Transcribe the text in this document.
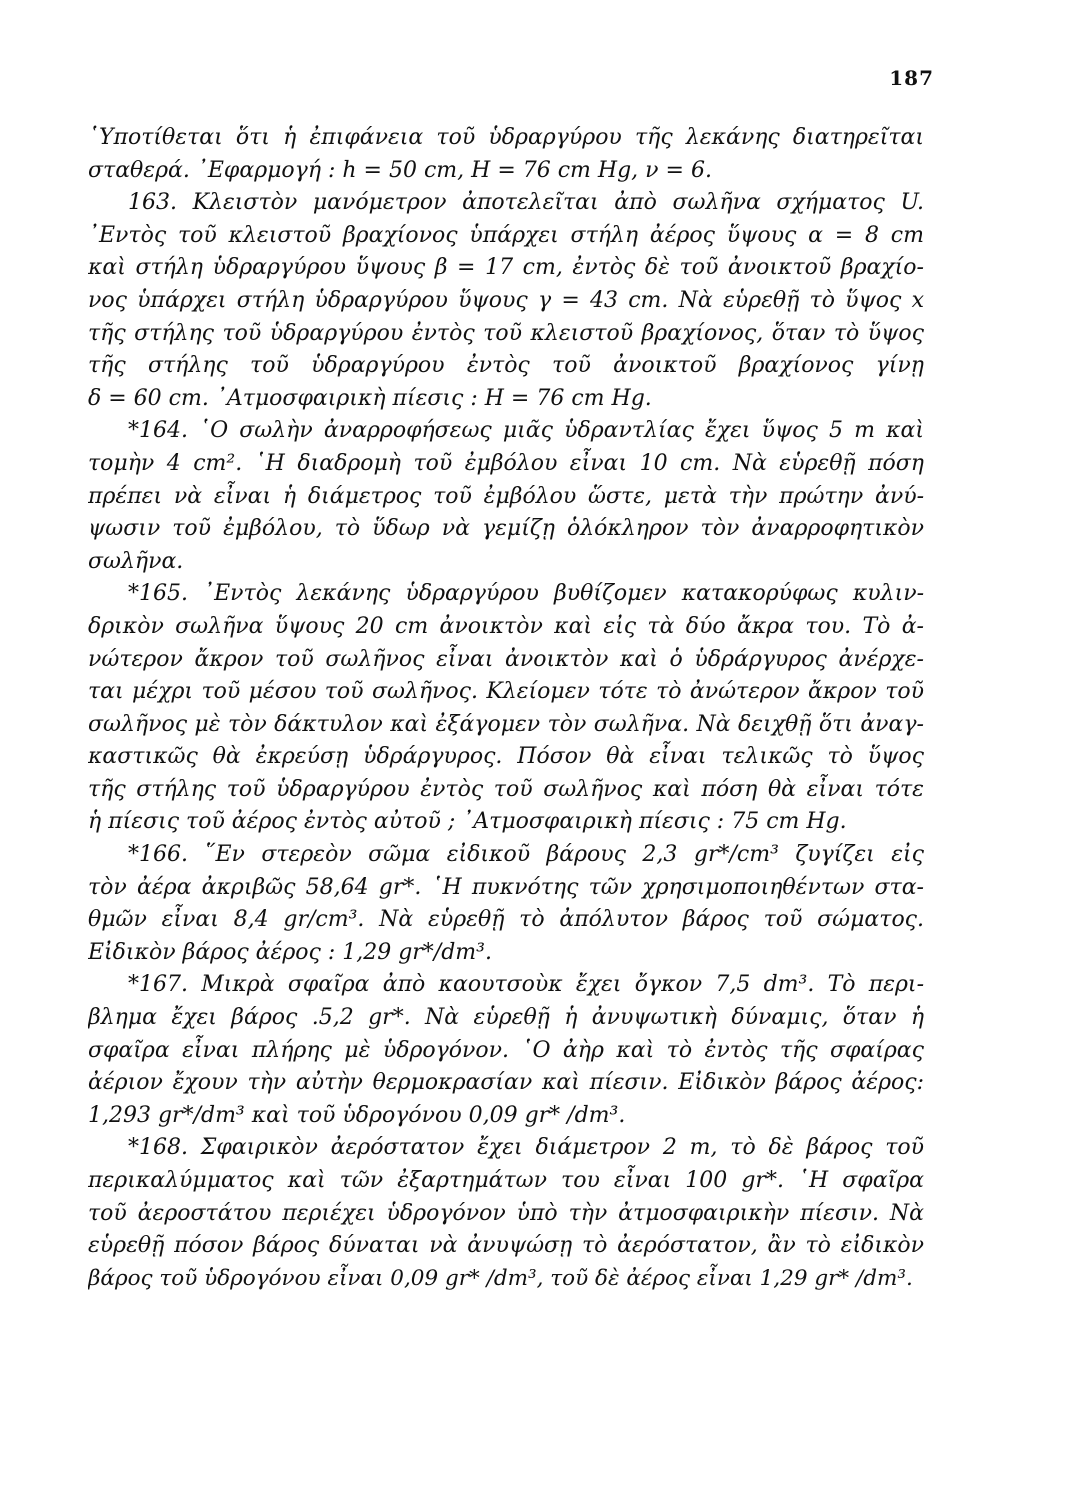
187
῾Υποτίθεται ὅτι ἡ ἐπιφάνεια τοῦ ὑδραργύρου τῆς λεκάνης διατηρεῖται
σταθερά. ᾿Εφαρμογή : h = 50 cm, H = 76 cm Hg, ν = 6.
163. Κλειστὸν μανόμετρον ἀποτελεῖται ἀπὸ σωλῆνα σχήματος U.
᾿Εντὸς τοῦ κλειστοῦ βραχίονος ὑπάρχει στήλη ἀέρος ὕψους α = 8 cm
καὶ στήλη ὑδραργύρου ὕψους β = 17 cm, ἐντὸς δὲ τοῦ ἀνοικτοῦ βραχίο-
νος ὑπάρχει στήλη ὑδραργύρου ὕψους γ = 43 cm. Νὰ εὑρεθῇ τὸ ὕψος x
τῆς στήλης τοῦ ὑδραργύρου ἐντὸς τοῦ κλειστοῦ βραχίονος, ὅταν τὸ ὕψος
τῆς στήλης τοῦ ὑδραργύρου ἐντὸς τοῦ ἀνοικτοῦ βραχίονος γίνῃ
δ = 60 cm. ᾿Ατμοσφαιρικὴ πίεσις : H = 76 cm Hg.
*164. ῾Ο σωλὴν ἀναρροφήσεως μιᾶς ὑδραντλίας ἔχει ὕψος 5 m καὶ
τομὴν 4 cm². ῾Η διαδρομὴ τοῦ ἐμβόλου εἶναι 10 cm. Νὰ εὑρεθῇ πόση
πρέπει νὰ εἶναι ἡ διάμετρος τοῦ ἐμβόλου ὥστε, μετὰ τὴν πρώτην ἀνύ-
ψωσιν τοῦ ἐμβόλου, τὸ ὕδωρ νὰ γεμίζῃ ὁλόκληρον τὸν ἀναρροφητικὸν
σωλῆνα.
*165. ᾿Εντὸς λεκάνης ὑδραργύρου βυθίζομεν κατακορύφως κυλιν-
δρικὸν σωλῆνα ὕψους 20 cm ἀνοικτὸν καὶ εἰς τὰ δύο ἄκρα του. Τὸ ἀ-
νώτερον ἄκρον τοῦ σωλῆνος εἶναι ἀνοικτὸν καὶ ὁ ὑδράργυρος ἀνέρχε-
ται μέχρι τοῦ μέσου τοῦ σωλῆνος. Κλείομεν τότε τὸ ἀνώτερον ἄκρον τοῦ
σωλῆνος μὲ τὸν δάκτυλον καὶ ἐξάγομεν τὸν σωλῆνα. Νὰ δειχθῇ ὅτι ἀναγ-
καστικῶς θὰ ἐκρεύσῃ ὑδράργυρος. Πόσον θὰ εἶναι τελικῶς τὸ ὕψος
τῆς στήλης τοῦ ὑδραργύρου ἐντὸς τοῦ σωλῆνος καὶ πόση θὰ εἶναι τότε
ἡ πίεσις τοῦ ἀέρος ἐντὸς αὐτοῦ ; ᾿Ατμοσφαιρικὴ πίεσις : 75 cm Hg.
*166. ῞Εν στερεὸν σῶμα εἰδικοῦ βάρους 2,3 gr*/cm³ ζυγίζει εἰς
τὸν ἀέρα ἀκριβῶς 58,64 gr*. ῾Η πυκνότης τῶν χρησιμοποιηθέντων στα-
θμῶν εἶναι 8,4 gr/cm³. Νὰ εὑρεθῇ τὸ ἀπόλυτον βάρος τοῦ σώματος.
Εἰδικὸν βάρος ἀέρος : 1,29 gr*/dm³.
*167. Μικρὰ σφαῖρα ἀπὸ καουτσοὺκ ἔχει ὄγκον 7,5 dm³. Τὸ περι-
βλημα ἔχει βάρος .5,2 gr*. Νὰ εὑρεθῇ ἡ ἀνυψωτικὴ δύναμις, ὅταν ἡ
σφαῖρα εἶναι πλήρης μὲ ὑδρογόνον. ῾Ο ἀὴρ καὶ τὸ ἐντὸς τῆς σφαίρας
ἀέριον ἔχουν τὴν αὐτὴν θερμοκρασίαν καὶ πίεσιν. Εἰδικὸν βάρος ἀέρος:
1,293 gr*/dm³ καὶ τοῦ ὑδρογόνου 0,09 gr* /dm³.
*168. Σφαιρικὸν ἀερόστατον ἔχει διάμετρον 2 m, τὸ δὲ βάρος τοῦ
περικαλύμματος καὶ τῶν ἐξαρτημάτων του εἶναι 100 gr*. ῾Η σφαῖρα
τοῦ ἀεροστάτου περιέχει ὑδρογόνον ὑπὸ τὴν ἀτμοσφαιρικὴν πίεσιν. Νὰ
εὑρεθῇ πόσον βάρος δύναται νὰ ἀνυψώσῃ τὸ ἀερόστατον, ἂν τὸ εἰδικὸν
βάρος τοῦ ὑδρογόνου εἶναι 0,09 gr* /dm³, τοῦ δὲ ἀέρος εἶναι 1,29 gr* /dm³.
